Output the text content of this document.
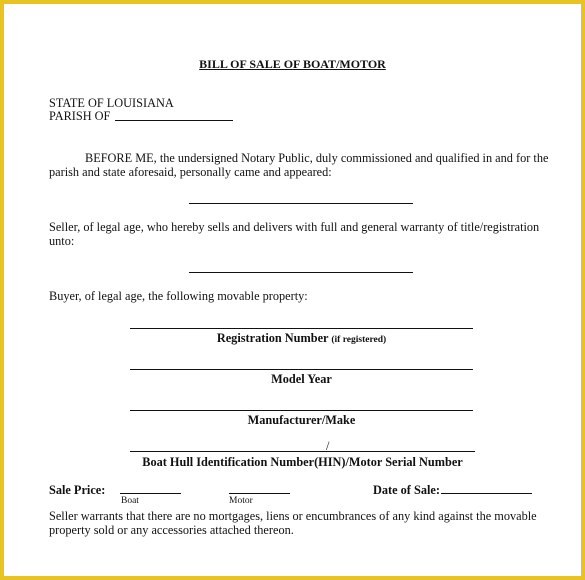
BILL OF SALE OF BOAT/MOTOR
STATE OF LOUISIANA
PARISH OF
BEFORE ME, the undersigned Notary Public, duly commissioned and qualified in and for the
parish and state aforesaid, personally came and appeared:
Seller, of legal age, who hereby sells and delivers with full and general warranty of title/registration
unto:
Buyer, of legal age, the following movable property:
Registration Number (if registered)
Model Year
Manufacturer/Make
/
Boat Hull Identification Number(HIN)/Motor Serial Number
Sale Price:
Boat	Motor
Date of Sale:
Seller warrants that there are no mortgages, liens or encumbrances of any kind against the movable
property sold or any accessories attached thereon.
